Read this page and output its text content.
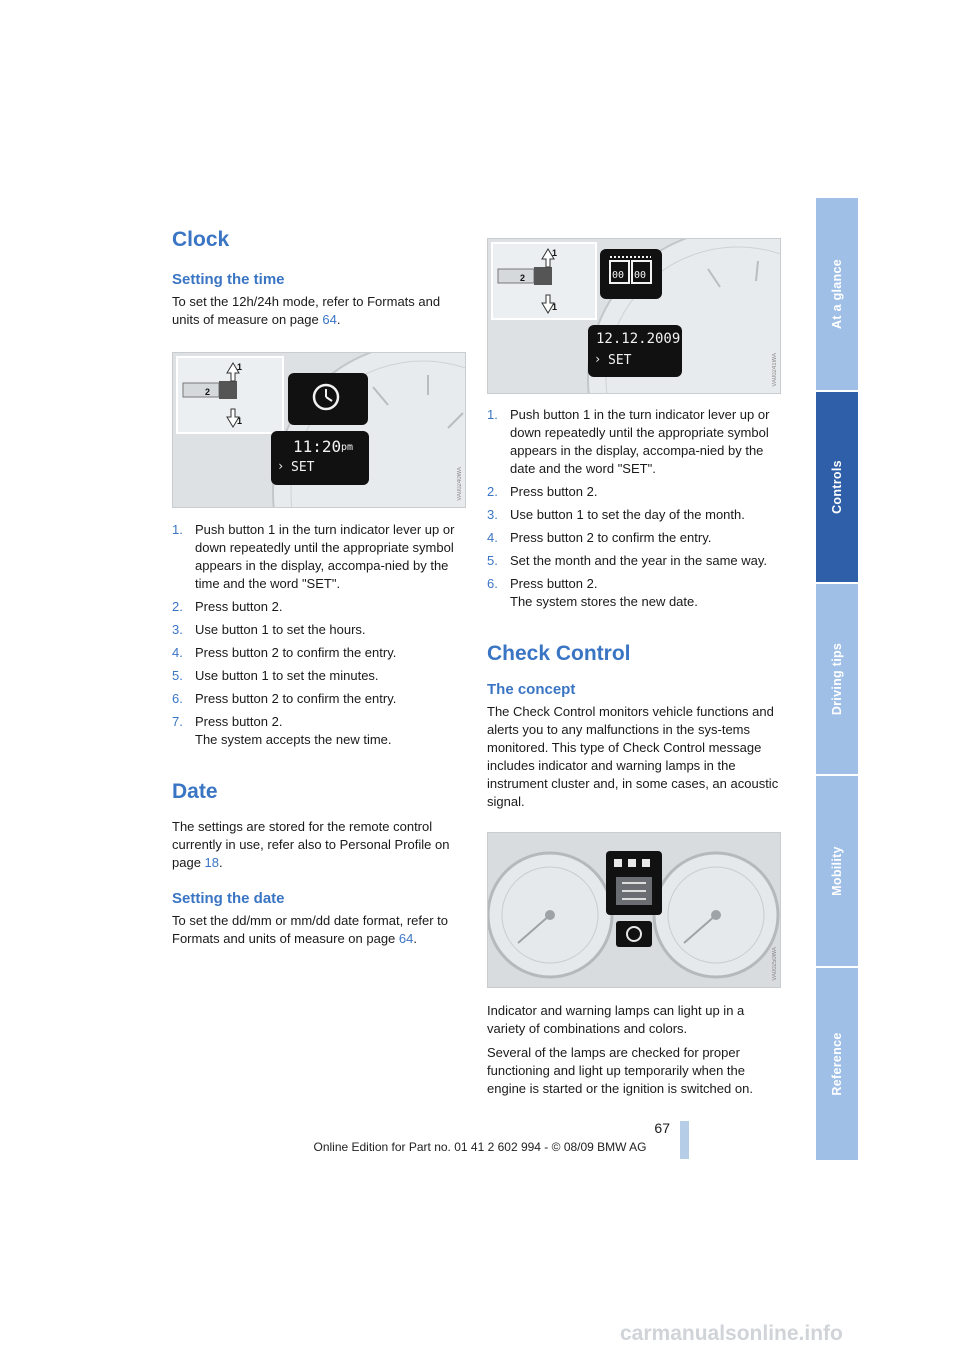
Clock
Setting the time

To set the 12h/24h mode, refer to Formats and units of measure on page 64.

2
1
1
11:20 pm
› SET	VA00240WA
1. Push button 1 in the turn indicator lever up or down repeatedly until the appropriate symbol appears in the display, accompa-nied by the time and the word "SET".
2. Press button 2.
3. Use button 1 to set the hours.
4. Press button 2 to confirm the entry.
5. Use button 1 to set the minutes.
6. Press button 2 to confirm the entry.
7. Press button 2.
The system accepts the new time.
Date

The settings are stored for the remote control currently in use, refer also to Personal Profile on page 18.

Setting the date

To set the dd/mm or mm/dd date format, refer to Formats and units of measure on page 64.

2
1
1
00 00
12.12.2009
› SET	VA00241WA
1. Push button 1 in the turn indicator lever up or down repeatedly until the appropriate symbol appears in the display, accompa-nied by the date and the word "SET".
2. Press button 2.
3. Use button 1 to set the day of the month.
4. Press button 2 to confirm the entry.
5. Set the month and the year in the same way.
6. Press button 2.
The system stores the new date.
Check Control
The concept

The Check Control monitors vehicle functions and alerts you to any malfunctions in the sys-tems monitored. This type of Check Control message includes indicator and warning lamps in the instrument cluster and, in some cases, an acoustic signal.

VA00250WA

Indicator and warning lamps can light up in a variety of combinations and colors.

Several of the lamps are checked for proper functioning and light up temporarily when the engine is started or the ignition is switched on.

At a glance
Controls
Driving tips
Mobility
Reference
67
Online Edition for Part no. 01 41 2 602 994 - © 08/09 BMW AG
carmanualsonline.info
